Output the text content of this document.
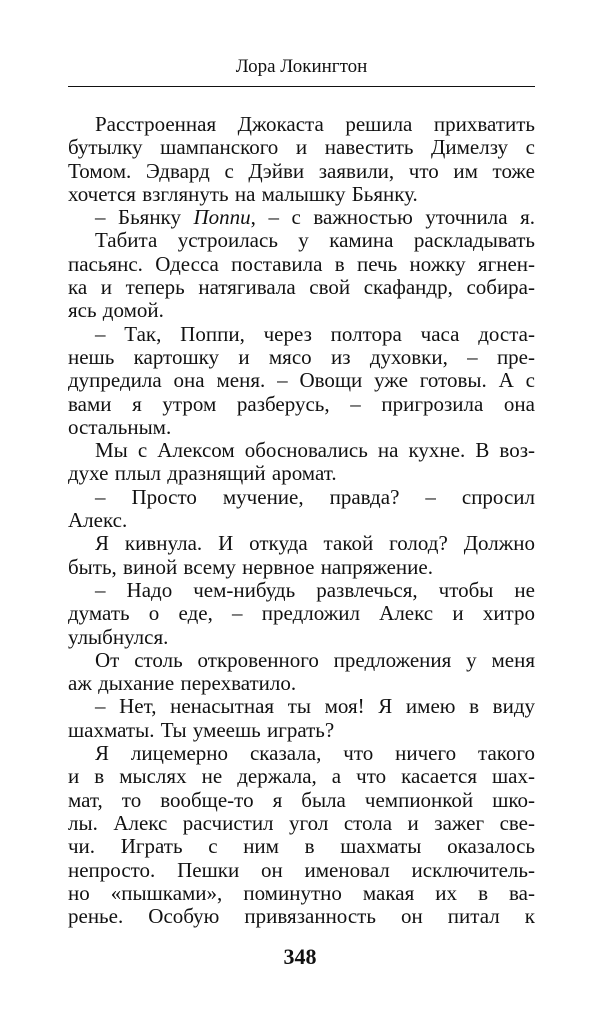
Лора Локингтон
Расстроенная Джокаста решила прихватить
бутылку шампанского и навестить Димелзу с
Томом. Эдвард с Дэйви заявили, что им тоже
хочется взглянуть на малышку Бьянку.
– Бьянку Поппи, – с важностью уточнила я.
Табита устроилась у камина раскладывать
пасьянс. Одесса поставила в печь ножку ягнен-
ка и теперь натягивала свой скафандр, собира-
ясь домой.
– Так, Поппи, через полтора часа доста-
нешь картошку и мясо из духовки, – пре-
дупредила она меня. – Овощи уже готовы. А с
вами я утром разберусь, – пригрозила она
остальным.
Мы с Алексом обосновались на кухне. В воз-
духе плыл дразнящий аромат.
– Просто мучение, правда? – спросил
Алекс.
Я кивнула. И откуда такой голод? Должно
быть, виной всему нервное напряжение.
– Надо чем-нибудь развлечься, чтобы не
думать о еде, – предложил Алекс и хитро
улыбнулся.
От столь откровенного предложения у меня
аж дыхание перехватило.
– Нет, ненасытная ты моя! Я имею в виду
шахматы. Ты умеешь играть?
Я лицемерно сказала, что ничего такого
и в мыслях не держала, а что касается шах-
мат, то вообще-то я была чемпионкой шко-
лы. Алекс расчистил угол стола и зажег све-
чи. Играть с ним в шахматы оказалось
непросто. Пешки он именовал исключитель-
но «пышками», поминутно макая их в ва-
ренье. Особую привязанность он питал к
348
